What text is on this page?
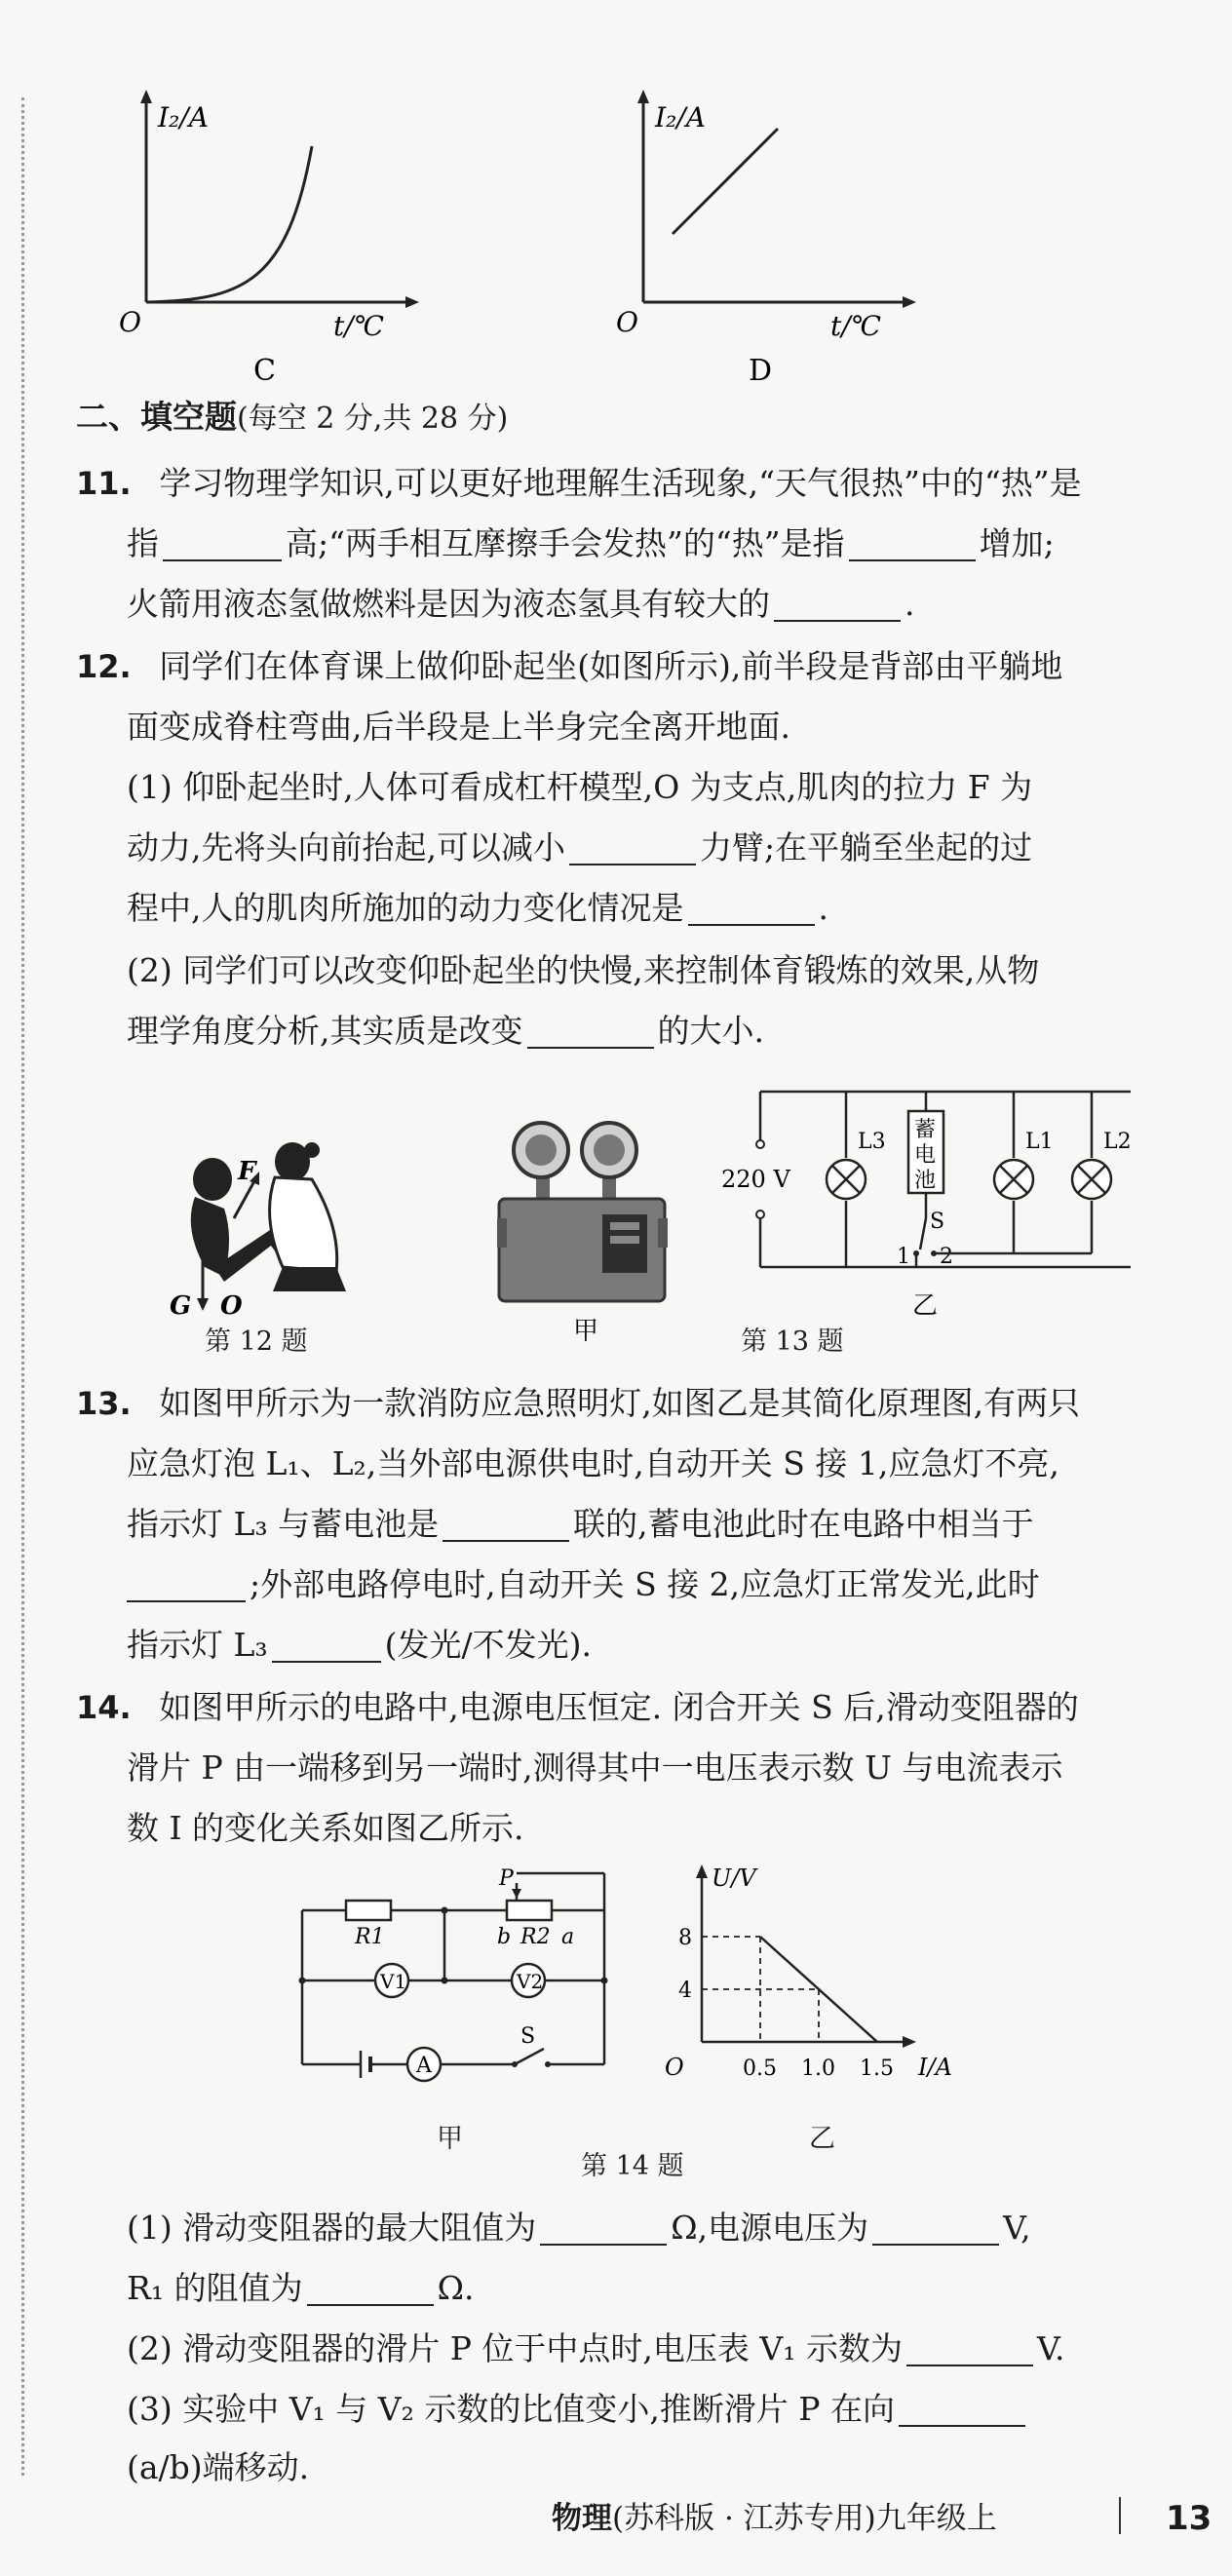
I₂/A
O	t/℃
C
I₂/A
O	t/℃
D
二、填空题(每空 2 分,共 28 分)
11. 学习物理学知识,可以更好地理解生活现象,“天气很热”中的“热”是
指	高;“两手相互摩擦手会发热”的“热”是指	增加;
火箭用液态氢做燃料是因为液态氢具有较大的	.
12. 同学们在体育课上做仰卧起坐(如图所示),前半段是背部由平躺地
面变成脊柱弯曲,后半段是上半身完全离开地面.
(1) 仰卧起坐时,人体可看成杠杆模型,O 为支点,肌肉的拉力 F 为
动力,先将头向前抬起,可以减小	力臂;在平躺至坐起的过
程中,人的肌肉所施加的动力变化情况是	.
(2) 同学们可以改变仰卧起坐的快慢,来控制体育锻炼的效果,从物
理学角度分析,其实质是改变	的大小.
F
G O
第 12 题	甲
220 V
L3 蓄
电
池
S
1 2
L1 L2
乙
第 13 题
13. 如图甲所示为一款消防应急照明灯,如图乙是其简化原理图,有两只
应急灯泡 L₁、L₂,当外部电源供电时,自动开关 S 接 1,应急灯不亮,
指示灯 L₃ 与蓄电池是	联的,蓄电池此时在电路中相当于
;外部电路停电时,自动开关 S 接 2,应急灯正常发光,此时
指示灯 L₃	(发光/不发光).
14. 如图甲所示的电路中,电源电压恒定. 闭合开关 S 后,滑动变阻器的
滑片 P 由一端移到另一端时,测得其中一电压表示数 U 与电流表示
数 I 的变化关系如图乙所示.
P
R1	b R2 a
V1	V2
A
S
甲
U/V
I/A
O	0.5 1.0 1.5
4
8
乙
第 14 题
(1) 滑动变阻器的最大阻值为	Ω,电源电压为	V,
R₁ 的阻值为	Ω.
(2) 滑动变阻器的滑片 P 位于中点时,电压表 V₁ 示数为	V.
(3) 实验中 V₁ 与 V₂ 示数的比值变小,推断滑片 P 在向
(a/b)端移动.
物理(苏科版 · 江苏专用)九年级上	13
